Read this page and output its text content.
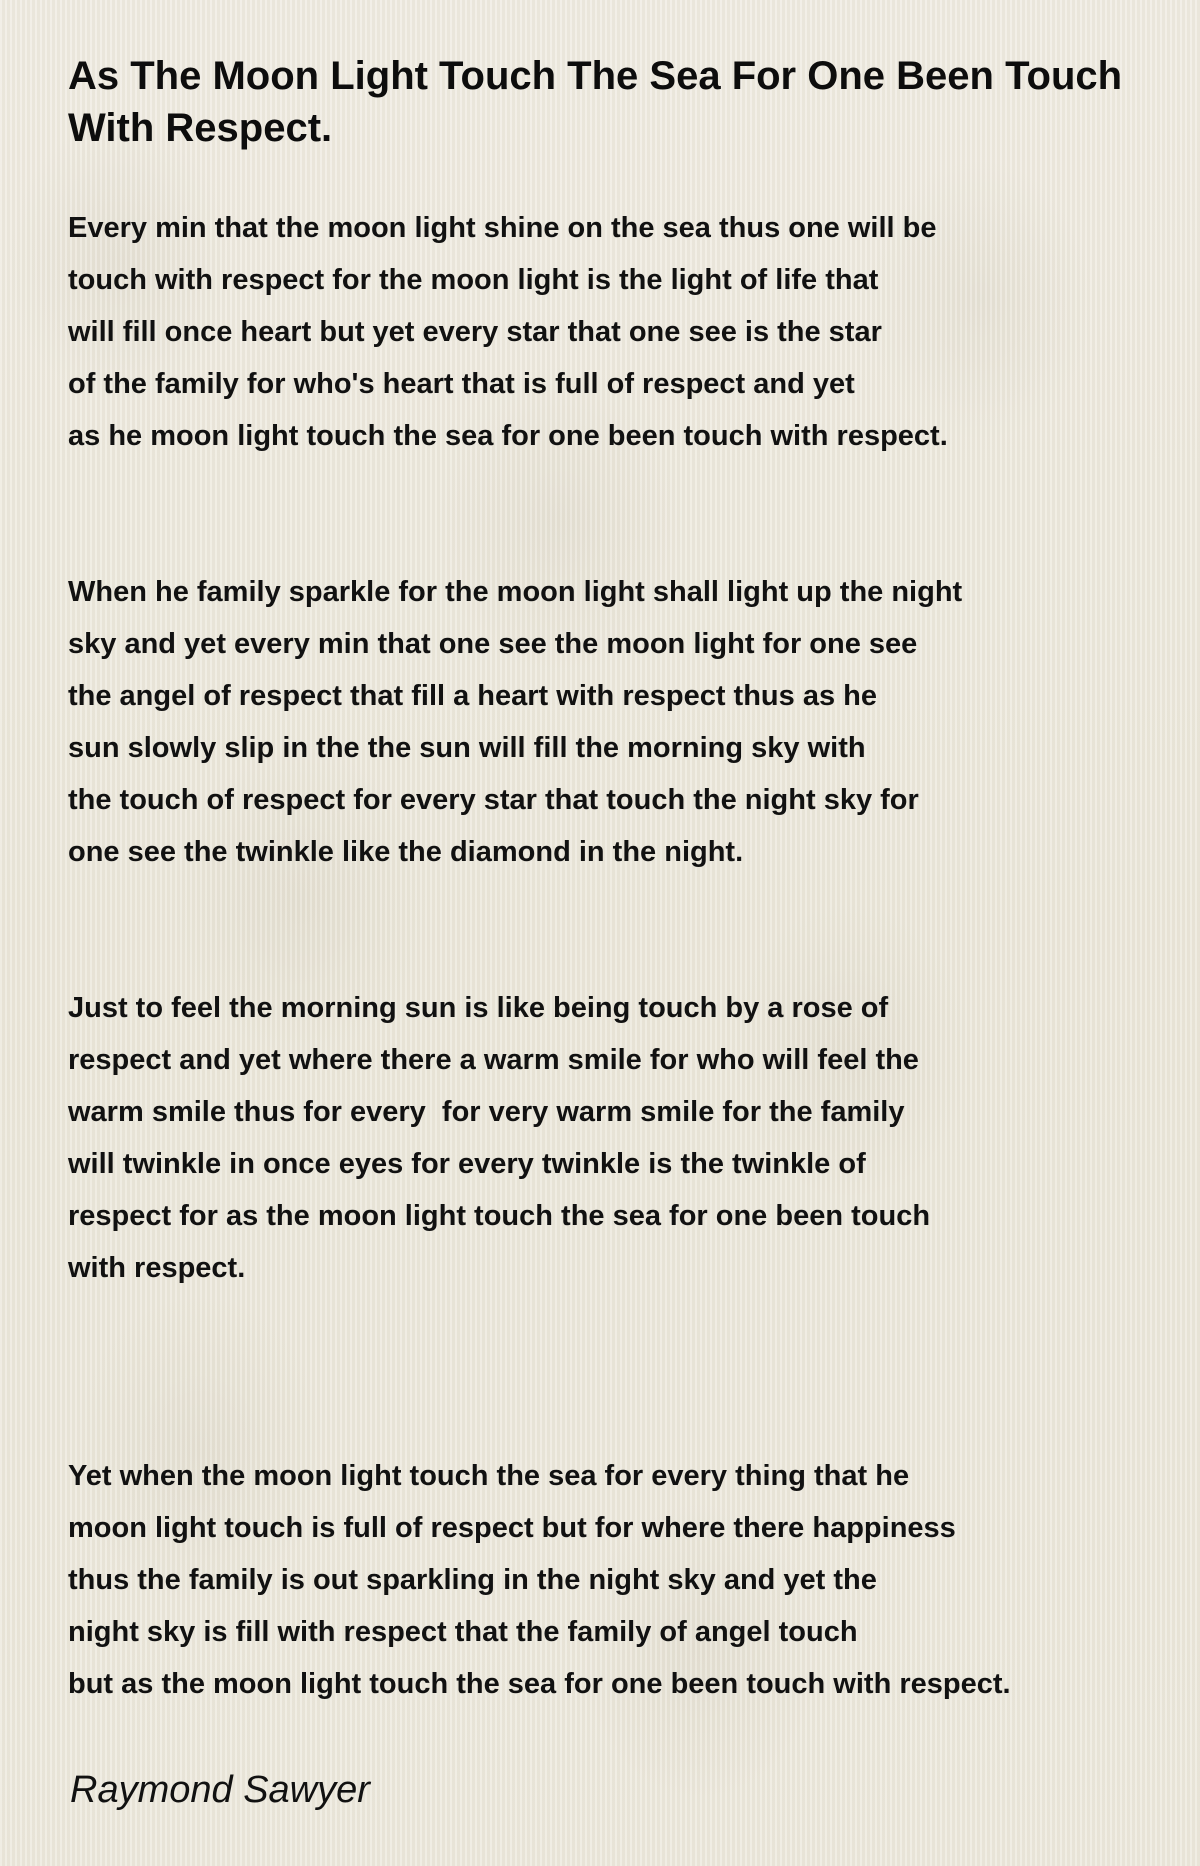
As The Moon Light Touch The Sea For One Been Touch With Respect.

Every min that the moon light shine on the sea thus one will be
touch with respect for the moon light is the light of life that
will fill once heart but yet every star that one see is the star
of the family for who's heart that is full of respect and yet
as he moon light touch the sea for one been touch with respect.

When he family sparkle for the moon light shall light up the night
sky and yet every min that one see the moon light for one see
the angel of respect that fill a heart with respect thus as he
sun slowly slip in the the sun will fill the morning sky with
the touch of respect for every star that touch the night sky for
one see the twinkle like the diamond in the night.

Just to feel the morning sun is like being touch by a rose of
respect and yet where there a warm smile for who will feel the
warm smile thus for every  for very warm smile for the family
will twinkle in once eyes for every twinkle is the twinkle of
respect for as the moon light touch the sea for one been touch
with respect.

Yet when the moon light touch the sea for every thing that he
moon light touch is full of respect but for where there happiness
thus the family is out sparkling in the night sky and yet the
night sky is fill with respect that the family of angel touch
but as the moon light touch the sea for one been touch with respect.

Raymond Sawyer
